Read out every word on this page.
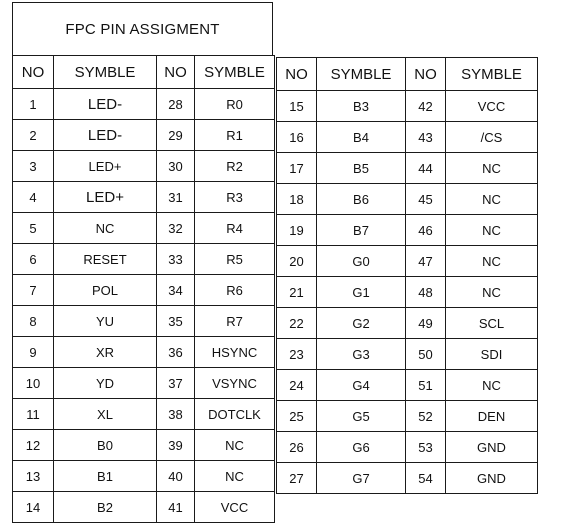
FPC PIN ASSIGMENT
NO	SYMBLE	NO	SYMBLE
1	LED-	28	R0
2	LED-	29	R1
3	LED+	30	R2
4	LED+	31	R3
5	NC	32	R4
6	RESET	33	R5
7	POL	34	R6
8	YU	35	R7
9	XR	36	HSYNC
10	YD	37	VSYNC
11	XL	38	DOTCLK
12	B0	39	NC
13	B1	40	NC
14	B2	41	VCC
NO	SYMBLE	NO	SYMBLE
15	B3	42	VCC
16	B4	43	/CS
17	B5	44	NC
18	B6	45	NC
19	B7	46	NC
20	G0	47	NC
21	G1	48	NC
22	G2	49	SCL
23	G3	50	SDI
24	G4	51	NC
25	G5	52	DEN
26	G6	53	GND
27	G7	54	GND
